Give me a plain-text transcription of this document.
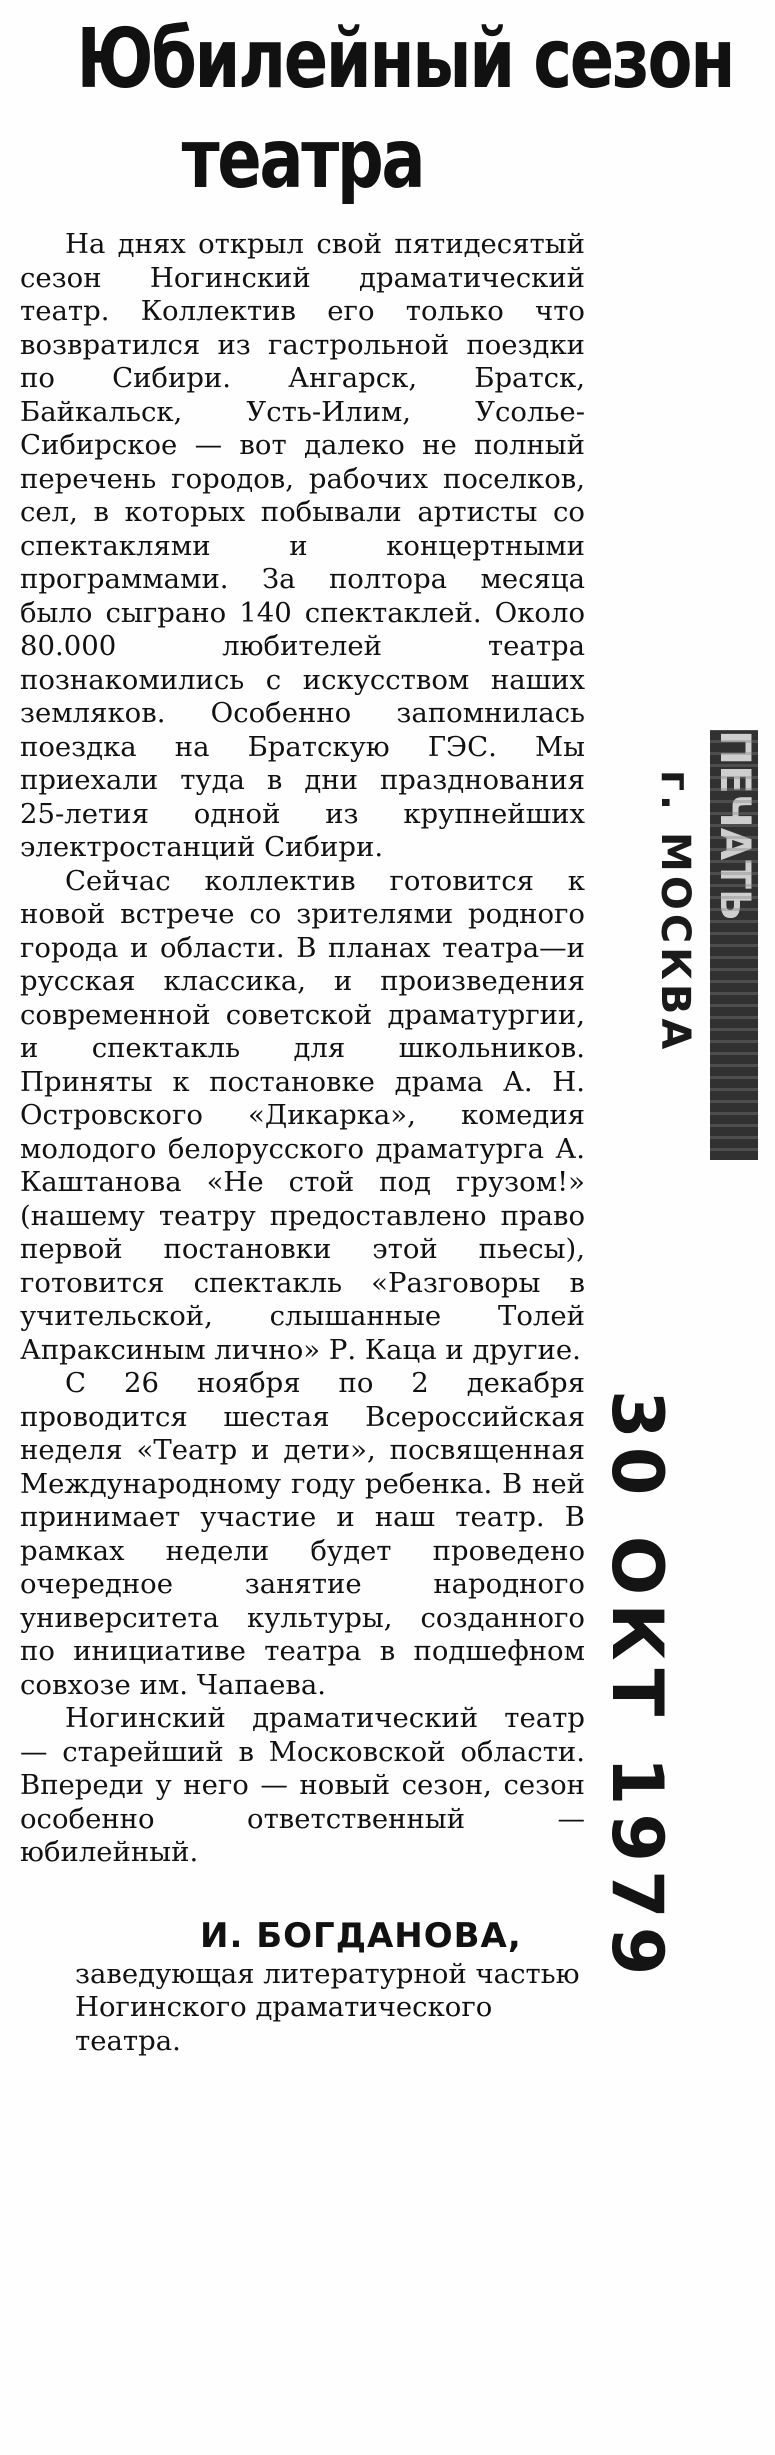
Юбилейный сезон
театра

На днях открыл свой пятидесятый сезон Ногинский драматический театр. Коллектив его только что возвратился из гастрольной поездки по Сибири. Ангарск, Братск, Байкальск, Усть-Илим, Усолье-Сибирское — вот далеко не полный перечень городов, рабочих поселков, сел, в которых побывали артисты со спектаклями и концертными программами. За полтора месяца было сыграно 140 спектаклей. Около 80.000 любителей театра познакомились с искусством наших земляков. Особенно запомнилась поездка на Братскую ГЭС. Мы приехали туда в дни празднования 25-летия одной из крупнейших электростанций Сибири.

Сейчас коллектив готовится к новой встрече со зрителями родного города и области. В планах театра—и русская классика, и произведения современной советской драматургии, и спектакль для школьников. Приняты к постановке драма А. Н. Островского «Дикарка», комедия молодого белорусского драматурга А. Каштанова «Не стой под грузом!» (нашему театру предоставлено право первой постановки этой пьесы), готовится спектакль «Разговоры в учительской, слышанные Толей Апраксиным лично» Р. Каца и другие.

С 26 ноября по 2 декабря проводится шестая Всероссийская неделя «Театр и дети», посвященная Международному году ребенка. В ней принимает участие и наш театр. В рамках недели будет проведено очередное занятие народного университета культуры, созданного по инициативе театра в подшефном совхозе им. Чапаева.

Ногинский драматический театр — старейший в Московской области. Впереди у него — новый сезон, сезон особенно ответственный — юбилейный.

И. БОГДАНОВА,
заведующая литературной частью Ногинского драматического театра.
ПЕЧАТЬ
г. МОСКВА
30 ОКТ 1979
